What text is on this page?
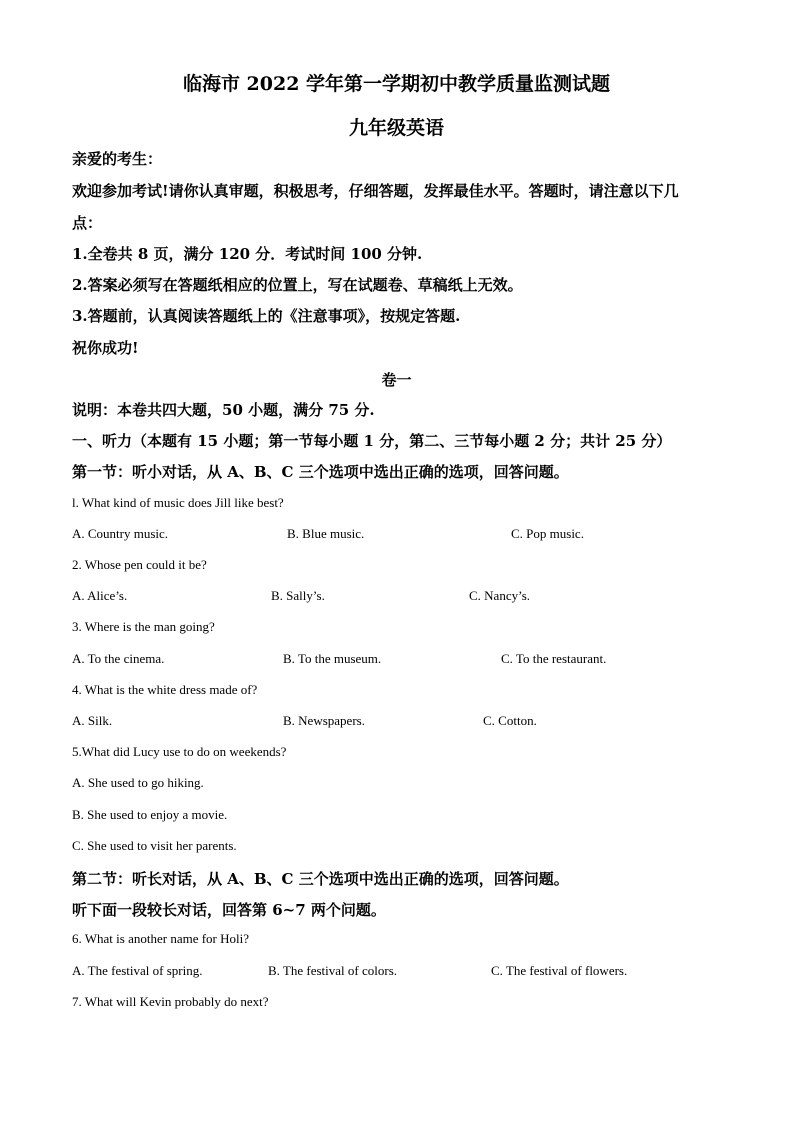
临海市 2022 学年第一学期初中教学质量监测试题
九年级英语
亲爱的考生：
欢迎参加考试!请你认真审题，积极思考，仔细答题，发挥最佳水平。答题时，请注意以下几
点：
1.全卷共 8 页，满分 120 分．考试时间 100 分钟.
2.答案必须写在答题纸相应的位置上，写在试题卷、草稿纸上无效。
3.答题前，认真阅读答题纸上的《注意事项》，按规定答题.
祝你成功!
卷一
说明：本卷共四大题，50 小题，满分 75 分.
一、听力（本题有 15 小题；第一节每小题 1 分，第二、三节每小题 2 分；共计 25 分）
第一节：听小对话，从 A、B、C 三个选项中选出正确的选项，回答问题。
l. What kind of music does Jill like best?
A. Country music.	B. Blue music.	C. Pop music.
2. Whose pen could it be?
A. Alice’s.	B. Sally’s.	C. Nancy’s.
3. Where is the man going?
A. To the cinema.	B. To the museum.	C. To the restaurant.
4. What is the white dress made of?
A. Silk.	B. Newspapers.	C. Cotton.
5.What did Lucy use to do on weekends?
A. She used to go hiking.
B. She used to enjoy a movie.
C. She used to visit her parents.
第二节：听长对话，从 A、B、C 三个选项中选出正确的选项，回答问题。
听下面一段较长对话，回答第 6~7 两个问题。
6. What is another name for Holi?
A. The festival of spring.	B. The festival of colors.	C. The festival of flowers.
7. What will Kevin probably do next?
